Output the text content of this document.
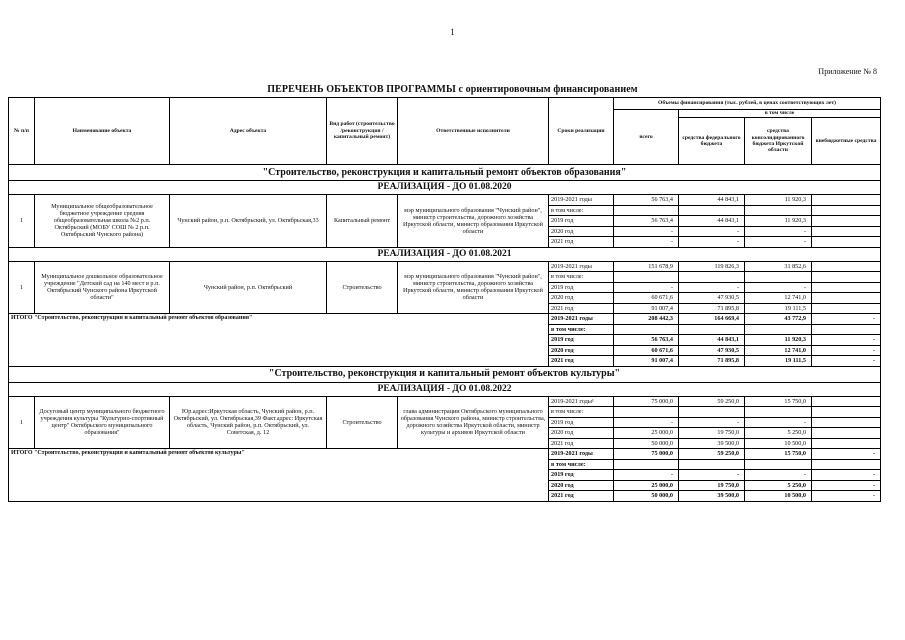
1
Приложение № 8
ПЕРЕЧЕНЬ ОБЪЕКТОВ ПРОГРАММЫ с ориентировочным финансированием
№ п/п	Наименование объекта	Адрес объекта	Вид работ (строительство /реконструкция /капитальный ремонт)	Ответственные исполнители	Сроки реализации	Объемы финансирования (тыс. рублей, в ценах соответствующих лет)			
						всего	в том числе		
							средства федерального бюджета	средства консолидированного бюджета Иркутской области	внебюджетные средства
"Строительство, реконструкция и капитальный ремонт объектов образования"									
РЕАЛИЗАЦИЯ - ДО 01.08.2020									
1	Муниципальное общеобразовательное бюджетное учреждение средняя общеобразовательная школа №2 р.п. Октябрьский (МОБУ СОШ № 2 р.п. Октябрьский Чунского района)	Чунский район, р.п. Октябрьский, ул. Октябрьская,33	Капитальный ремонт	мэр муниципального образования "Чунский район", министр строительства, дорожного хозяйства Иркутской области, министр образования Иркутской области	2019-2021 годы	56 763,4	44 843,1	11 920,3	
					в том числе:				
					2019 год	56 763,4	44 843,1	11 920,3	
					2020 год	-	-	-	
					2021 год	-	-	-	
РЕАЛИЗАЦИЯ - ДО 01.08.2021									
1	Муниципальное дошкольное образовательное учреждение "Детский сад на 140 мест в р.п. Октябрьский Чунского района Иркутской области"	Чунский район, р.п. Октябрьский	Строительство	мэр муниципального образования "Чунский район", министр строительства, дорожного хозяйства Иркутской области, министр образования Иркутской области	2019-2021 годы	151 678,9	119 826,3	31 852,6	
					в том числе:				
					2019 год	-	-	-	
					2020 год	60 671,6	47 930,5	12 741,0	
					2021 год	91 007,4	71 895,8	19 111,5	
ИТОГО "Строительство, реконструкция и капитальный ремонт объектов образования"					2019-2021 годы	208 442,3	164 669,4	43 772,9	-
					в том числе:				
					2019 год	56 763,4	44 843,1	11 920,3	-
					2020 год	60 671,6	47 930,5	12 741,0	-
					2021 год	91 007,4	71 895,8	19 111,5	-
"Строительство, реконструкция и капитальный ремонт объектов культуры"									
РЕАЛИЗАЦИЯ - ДО 01.08.2022									
1	Досуговый центр муниципального бюджетного учреждения культуры "Культурно-спортивный центр" Октябрьского муниципального образования"	Юр.адрес:Иркутская область, Чунский район, р.п. Октябрьский, ул. Октябрьская,39 Факт.адрес: Иркутская область, Чунский район, р.п. Октябрьский, ул. Советская, д. 12	Строительство	глава администрации Октябрьского муниципального образования Чунского района, министр строительства, дорожного хозяйства Иркутской области, министр культуры и архивов Иркутской области	2019-2021 годы¹	75 000,0	59 250,0	15 750,0	
					в том числе:				
					2019 год	-	-	-	
					2020 год	25 000,0	19 750,0	5 250,0	
					2021 год	50 000,0	39 500,0	10 500,0	
ИТОГО "Строительство, реконструкция и капитальный ремонт объектов культуры"					2019-2021 годы	75 000,0	59 250,0	15 750,0	-
					в том числе:				
					2019 год	-	-	-	-
					2020 год	25 000,0	19 750,0	5 250,0	-
					2021 год	50 000,0	39 500,0	10 500,0	-
